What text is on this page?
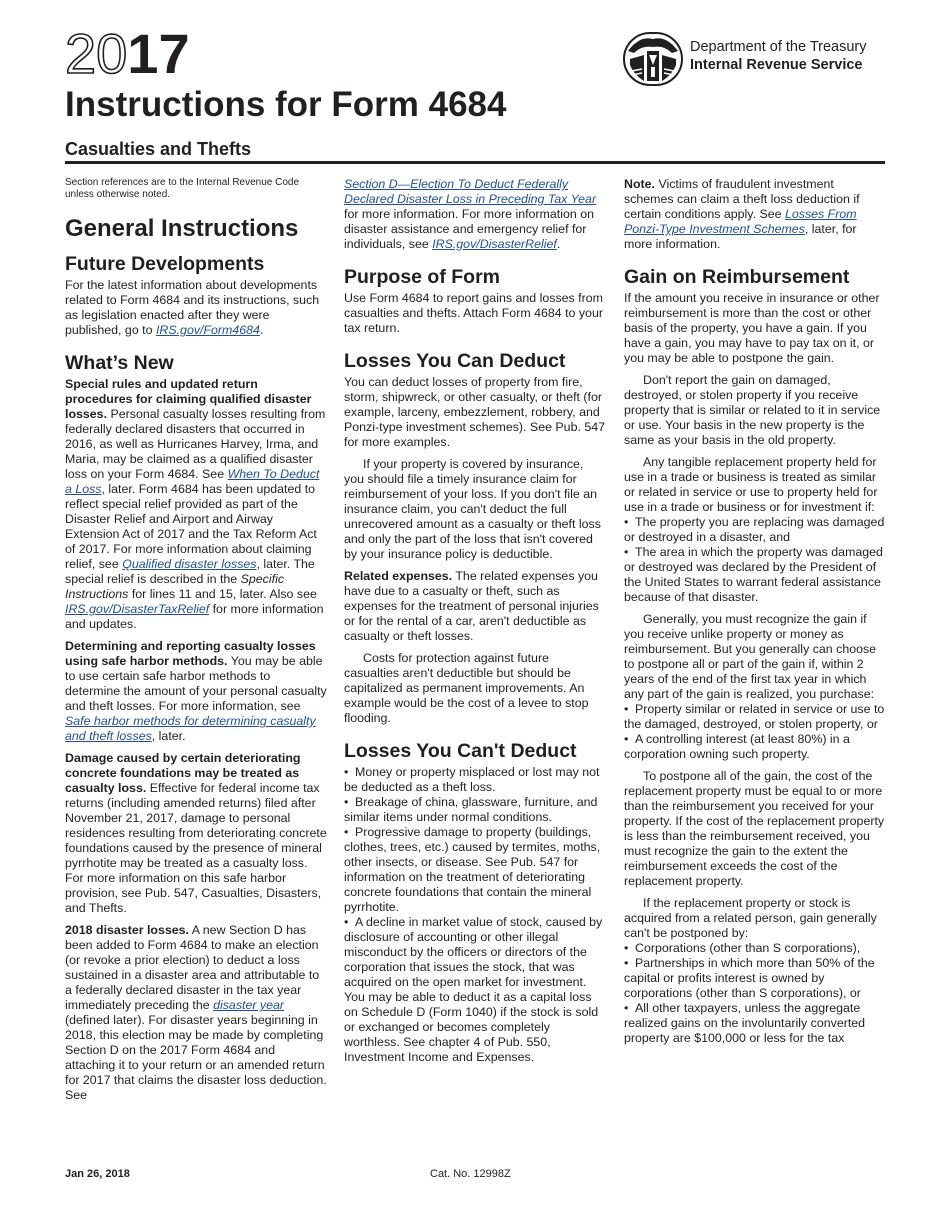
2017
Instructions for Form 4684
Casualties and Thefts
Department of the Treasury
Internal Revenue Service

Section references are to the Internal Revenue Code unless otherwise noted.

General Instructions
Future Developments

For the latest information about developments related to Form 4684 and its instructions, such as legislation enacted after they were published, go to IRS.gov/Form4684.

What’s New

Special rules and updated return procedures for claiming qualified disaster losses. Personal casualty losses resulting from federally declared disasters that occurred in 2016, as well as Hurricanes Harvey, Irma, and Maria, may be claimed as a qualified disaster loss on your Form 4684. See When To Deduct a Loss, later. Form 4684 has been updated to reflect special relief provided as part of the Disaster Relief and Airport and Airway Extension Act of 2017 and the Tax Reform Act of 2017. For more information about claiming relief, see Qualified disaster losses, later. The special relief is described in the Specific Instructions for lines 11 and 15, later. Also see IRS.gov/DisasterTaxRelief for more information and updates.

Determining and reporting casualty losses using safe harbor methods. You may be able to use certain safe harbor methods to determine the amount of your personal casualty and theft losses. For more information, see Safe harbor methods for determining casualty and theft losses, later.

Damage caused by certain deteriorating concrete foundations may be treated as casualty loss. Effective for federal income tax returns (including amended returns) filed after November 21, 2017, damage to personal residences resulting from deteriorating concrete foundations caused by the presence of mineral pyrrhotite may be treated as a casualty loss. For more information on this safe harbor provision, see Pub. 547, Casualties, Disasters, and Thefts.

2018 disaster losses. A new Section D has been added to Form 4684 to make an election (or revoke a prior election) to deduct a loss sustained in a disaster area and attributable to a federally declared disaster in the tax year immediately preceding the disaster year (defined later). For disaster years beginning in 2018, this election may be made by completing Section D on the 2017 Form 4684 and attaching it to your return or an amended return for 2017 that claims the disaster loss deduction. See

Section D—Election To Deduct Federally Declared Disaster Loss in Preceding Tax Year for more information. For more information on disaster assistance and emergency relief for individuals, see IRS.gov/DisasterRelief.

Purpose of Form

Use Form 4684 to report gains and losses from casualties and thefts. Attach Form 4684 to your tax return.

Losses You Can Deduct

You can deduct losses of property from fire, storm, shipwreck, or other casualty, or theft (for example, larceny, embezzlement, robbery, and Ponzi-type investment schemes). See Pub. 547 for more examples.

If your property is covered by insurance, you should file a timely insurance claim for reimbursement of your loss. If you don't file an insurance claim, you can't deduct the full unrecovered amount as a casualty or theft loss and only the part of the loss that isn't covered by your insurance policy is deductible.

Related expenses. The related expenses you have due to a casualty or theft, such as expenses for the treatment of personal injuries or for the rental of a car, aren't deductible as casualty or theft losses.

Costs for protection against future casualties aren't deductible but should be capitalized as permanent improvements. An example would be the cost of a levee to stop flooding.

Losses You Can't Deduct
• Money or property misplaced or lost may not be deducted as a theft loss.
• Breakage of china, glassware, furniture, and similar items under normal conditions.
• Progressive damage to property (buildings, clothes, trees, etc.) caused by termites, moths, other insects, or disease. See Pub. 547 for information on the treatment of deteriorating concrete foundations that contain the mineral pyrrhotite.
• A decline in market value of stock, caused by disclosure of accounting or other illegal misconduct by the officers or directors of the corporation that issues the stock, that was acquired on the open market for investment. You may be able to deduct it as a capital loss on Schedule D (Form 1040) if the stock is sold or exchanged or becomes completely worthless. See chapter 4 of Pub. 550, Investment Income and Expenses.

Note. Victims of fraudulent investment schemes can claim a theft loss deduction if certain conditions apply. See Losses From Ponzi-Type Investment Schemes, later, for more information.

Gain on Reimbursement

If the amount you receive in insurance or other reimbursement is more than the cost or other basis of the property, you have a gain. If you have a gain, you may have to pay tax on it, or you may be able to postpone the gain.

Don't report the gain on damaged, destroyed, or stolen property if you receive property that is similar or related to it in service or use. Your basis in the new property is the same as your basis in the old property.

Any tangible replacement property held for use in a trade or business is treated as similar or related in service or use to property held for use in a trade or business or for investment if:

• The property you are replacing was damaged or destroyed in a disaster, and
• The area in which the property was damaged or destroyed was declared by the President of the United States to warrant federal assistance because of that disaster.

Generally, you must recognize the gain if you receive unlike property or money as reimbursement. But you generally can choose to postpone all or part of the gain if, within 2 years of the end of the first tax year in which any part of the gain is realized, you purchase:

• Property similar or related in service or use to the damaged, destroyed, or stolen property, or
• A controlling interest (at least 80%) in a corporation owning such property.

To postpone all of the gain, the cost of the replacement property must be equal to or more than the reimbursement you received for your property. If the cost of the replacement property is less than the reimbursement received, you must recognize the gain to the extent the reimbursement exceeds the cost of the replacement property.

If the replacement property or stock is acquired from a related person, gain generally can't be postponed by:

• Corporations (other than S corporations),
• Partnerships in which more than 50% of the capital or profits interest is owned by corporations (other than S corporations), or
• All other taxpayers, unless the aggregate realized gains on the involuntarily converted property are $100,000 or less for the tax
Jan 26, 2018	Cat. No. 12998Z
